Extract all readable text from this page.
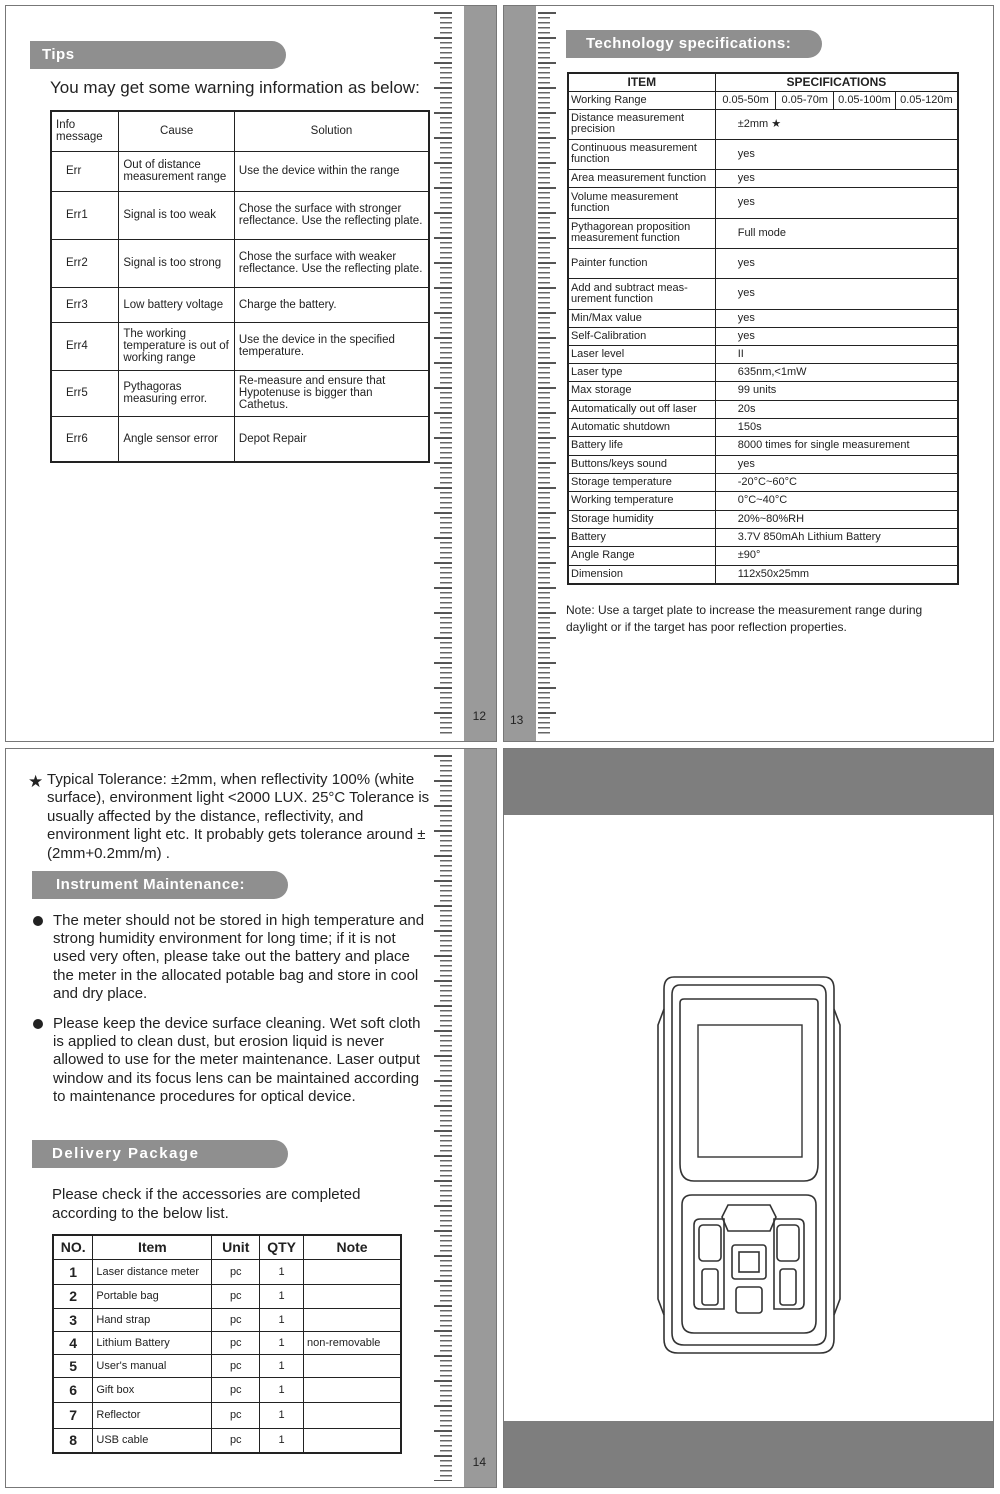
Tips
You may get some warning information as below:
Info message	Cause	Solution
Err	Out of distance measurement range	Use the device within the range
Err1	Signal is too weak	Chose the surface with stronger reflectance. Use the reflecting plate.
Err2	Signal is too strong	Chose the surface with weaker reflectance. Use the reflecting plate.
Err3	Low battery voltage	Charge the battery.
Err4	The working temperature is out of working range	Use the device in the specified temperature.
Err5	Pythagoras measuring error.	Re-measure and ensure that Hypotenuse is bigger than Cathetus.
Err6	Angle sensor error	Depot Repair
12 13
Technology specifications:
ITEM	SPECIFICATIONS			
Working Range	0.05-50m	0.05-70m	0.05-100m	0.05-120m
Distance measurement precision	±2mm ★			
Continuous measurement function	yes			
Area measurement function	yes			
Volume measurement function	yes			
Pythagorean proposition measurement function	Full mode			
Painter function	yes			
Add and subtract meas-urement function	yes			
Min/Max value	yes			
Self-Calibration	yes			
Laser level	II			
Laser type	635nm,<1mW			
Max storage	99 units			
Automatically out off laser	20s			
Automatic shutdown	150s			
Battery life	8000 times for single measurement			
Buttons/keys sound	yes			
Storage temperature	-20°C~60°C			
Working temperature	0°C~40°C			
Storage humidity	20%~80%RH			
Battery	3.7V 850mAh Lithium Battery			
Angle Range	±90°			
Dimension	112x50x25mm			
Note: Use a target plate to increase the measurement range during daylight or if the target has poor reflection properties.
★ Typical Tolerance: ±2mm, when reflectivity 100% (white surface), environment light <2000 LUX. 25°C Tolerance is usually affected by the distance, reflectivity, and environment light etc. It probably gets tolerance around ± (2mm+0.2mm/m) .
Instrument Maintenance:
The meter should not be stored in high temperature and strong humidity environment for long time; if it is not used very often, please take out the battery and place the meter in the allocated potable bag and store in cool and dry place.
Please keep the device surface cleaning. Wet soft cloth is applied to clean dust, but erosion liquid is never allowed to use for the meter maintenance. Laser output window and its focus lens can be maintained according to maintenance procedures for optical device.
Delivery Package
Please check if the accessories are completed according to the below list.
NO.	Item	Unit	QTY	Note
1	Laser distance meter	pc	1	
2	Portable bag	pc	1	
3	Hand strap	pc	1	
4	Lithium Battery	pc	1	non-removable
5	User's manual	pc	1	
6	Gift box	pc	1	
7	Reflector	pc	1	
8	USB cable	pc	1	
14
